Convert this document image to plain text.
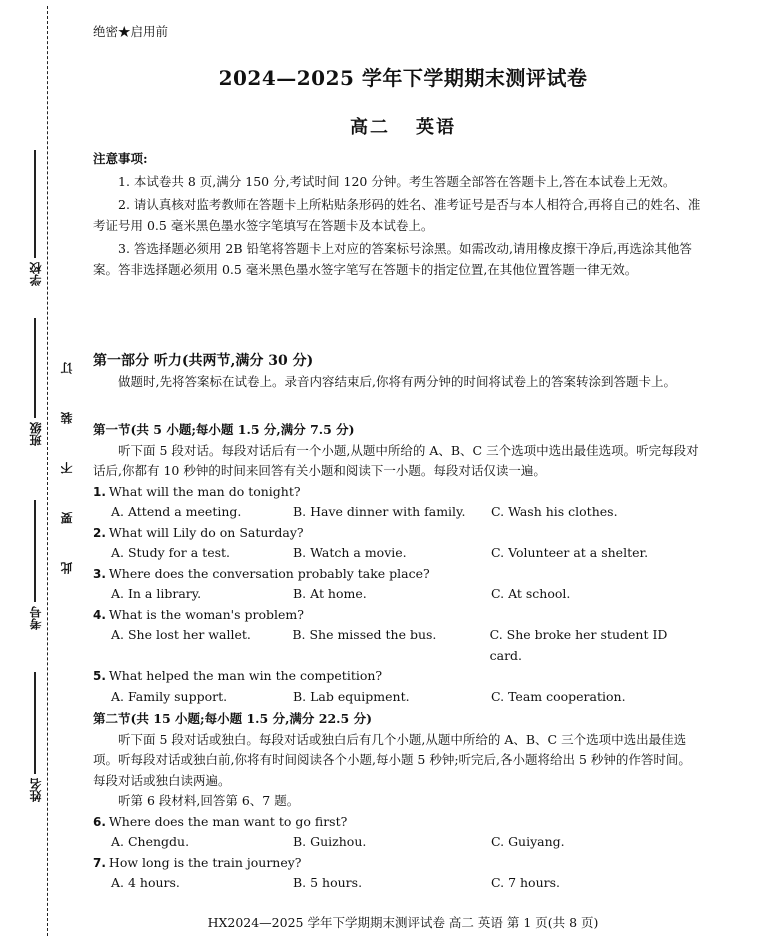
学校
班级
考号
姓名
订
装
不
要
此
绝密★启用前
2024—2025 学年下学期期末测评试卷
高二 英语
注意事项:
1. 本试卷共 8 页,满分 150 分,考试时间 120 分钟。考生答题全部答在答题卡上,答在本试卷上无效。
2. 请认真核对监考教师在答题卡上所粘贴条形码的姓名、准考证号是否与本人相符合,再将自己的姓名、准考证号用 0.5 毫米黑色墨水签字笔填写在答题卡及本试卷上。
3. 答选择题必须用 2B 铅笔将答题卡上对应的答案标号涂黑。如需改动,请用橡皮擦干净后,再选涂其他答案。答非选择题必须用 0.5 毫米黑色墨水签字笔写在答题卡的指定位置,在其他位置答题一律无效。
第一部分 听力(共两节,满分 30 分)
做题时,先将答案标在试卷上。录音内容结束后,你将有两分钟的时间将试卷上的答案转涂到答题卡上。
第一节(共 5 小题;每小题 1.5 分,满分 7.5 分)
听下面 5 段对话。每段对话后有一个小题,从题中所给的 A、B、C 三个选项中选出最佳选项。听完每段对话后,你都有 10 秒钟的时间来回答有关小题和阅读下一小题。每段对话仅读一遍。
1. What will the man do tonight?
A. Attend a meeting.	B. Have dinner with family.	C. Wash his clothes.
2. What will Lily do on Saturday?
A. Study for a test.	B. Watch a movie.	C. Volunteer at a shelter.
3. Where does the conversation probably take place?
A. In a library.	B. At home.	C. At school.
4. What is the woman's problem?
A. She lost her wallet.	B. She missed the bus.	C. She broke her student ID card.
5. What helped the man win the competition?
A. Family support.	B. Lab equipment.	C. Team cooperation.
第二节(共 15 小题;每小题 1.5 分,满分 22.5 分)
听下面 5 段对话或独白。每段对话或独白后有几个小题,从题中所给的 A、B、C 三个选项中选出最佳选项。听每段对话或独白前,你将有时间阅读各个小题,每小题 5 秒钟;听完后,各小题将给出 5 秒钟的作答时间。每段对话或独白读两遍。
听第 6 段材料,回答第 6、7 题。
6. Where does the man want to go first?
A. Chengdu.	B. Guizhou.	C. Guiyang.
7. How long is the train journey?
A. 4 hours.	B. 5 hours.	C. 7 hours.
HX2024—2025 学年下学期期末测评试卷 高二 英语 第 1 页(共 8 页)
